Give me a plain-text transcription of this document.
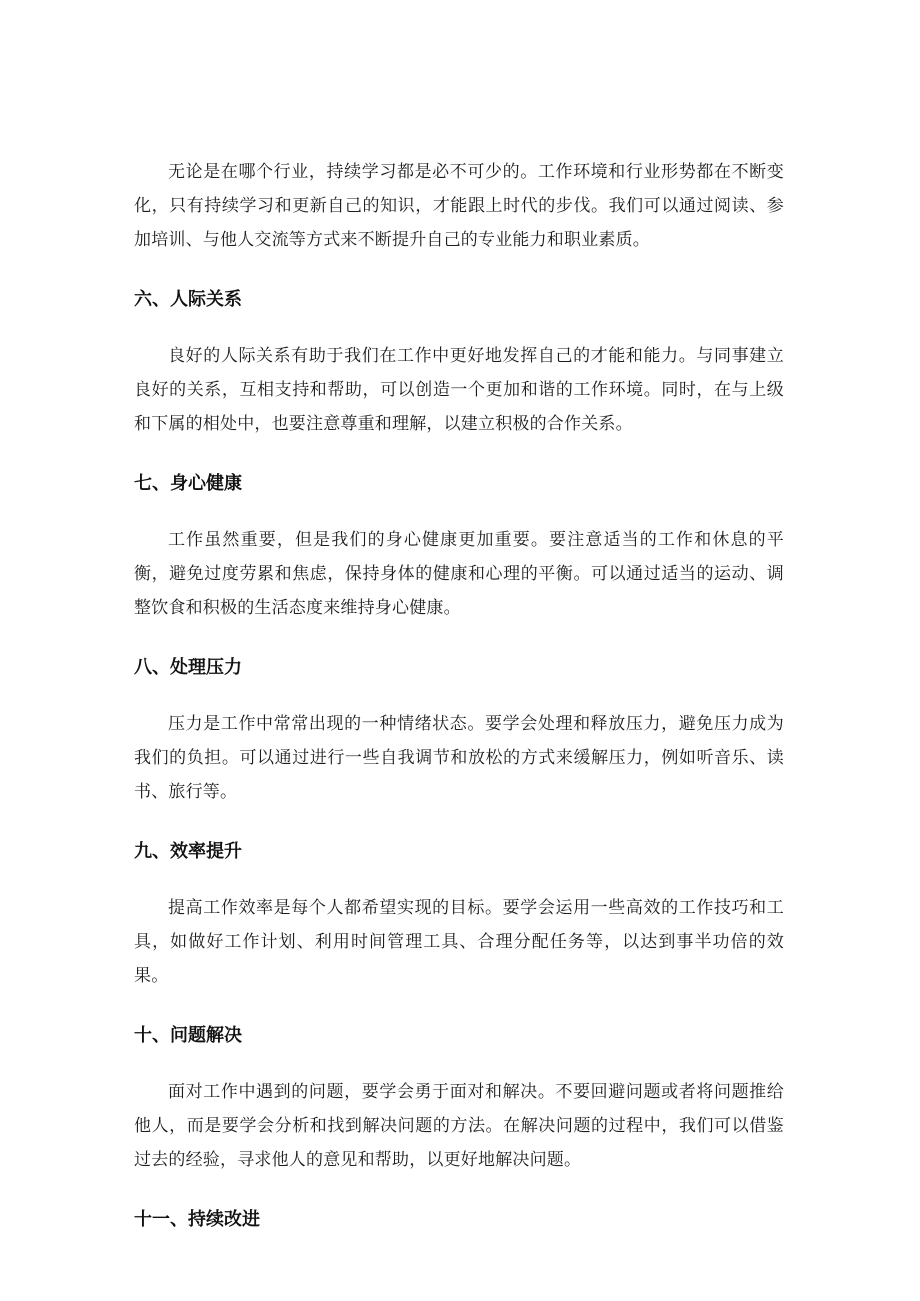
无论是在哪个行业，持续学习都是必不可少的。工作环境和行业形势都在不断变化，只有持续学习和更新自己的知识，才能跟上时代的步伐。我们可以通过阅读、参加培训、与他人交流等方式来不断提升自己的专业能力和职业素质。

六、人际关系

良好的人际关系有助于我们在工作中更好地发挥自己的才能和能力。与同事建立良好的关系，互相支持和帮助，可以创造一个更加和谐的工作环境。同时，在与上级和下属的相处中，也要注意尊重和理解，以建立积极的合作关系。

七、身心健康

工作虽然重要，但是我们的身心健康更加重要。要注意适当的工作和休息的平衡，避免过度劳累和焦虑，保持身体的健康和心理的平衡。可以通过适当的运动、调整饮食和积极的生活态度来维持身心健康。

八、处理压力

压力是工作中常常出现的一种情绪状态。要学会处理和释放压力，避免压力成为我们的负担。可以通过进行一些自我调节和放松的方式来缓解压力，例如听音乐、读书、旅行等。

九、效率提升

提高工作效率是每个人都希望实现的目标。要学会运用一些高效的工作技巧和工具，如做好工作计划、利用时间管理工具、合理分配任务等，以达到事半功倍的效果。

十、问题解决

面对工作中遇到的问题，要学会勇于面对和解决。不要回避问题或者将问题推给他人，而是要学会分析和找到解决问题的方法。在解决问题的过程中，我们可以借鉴过去的经验，寻求他人的意见和帮助，以更好地解决问题。

十一、持续改进
